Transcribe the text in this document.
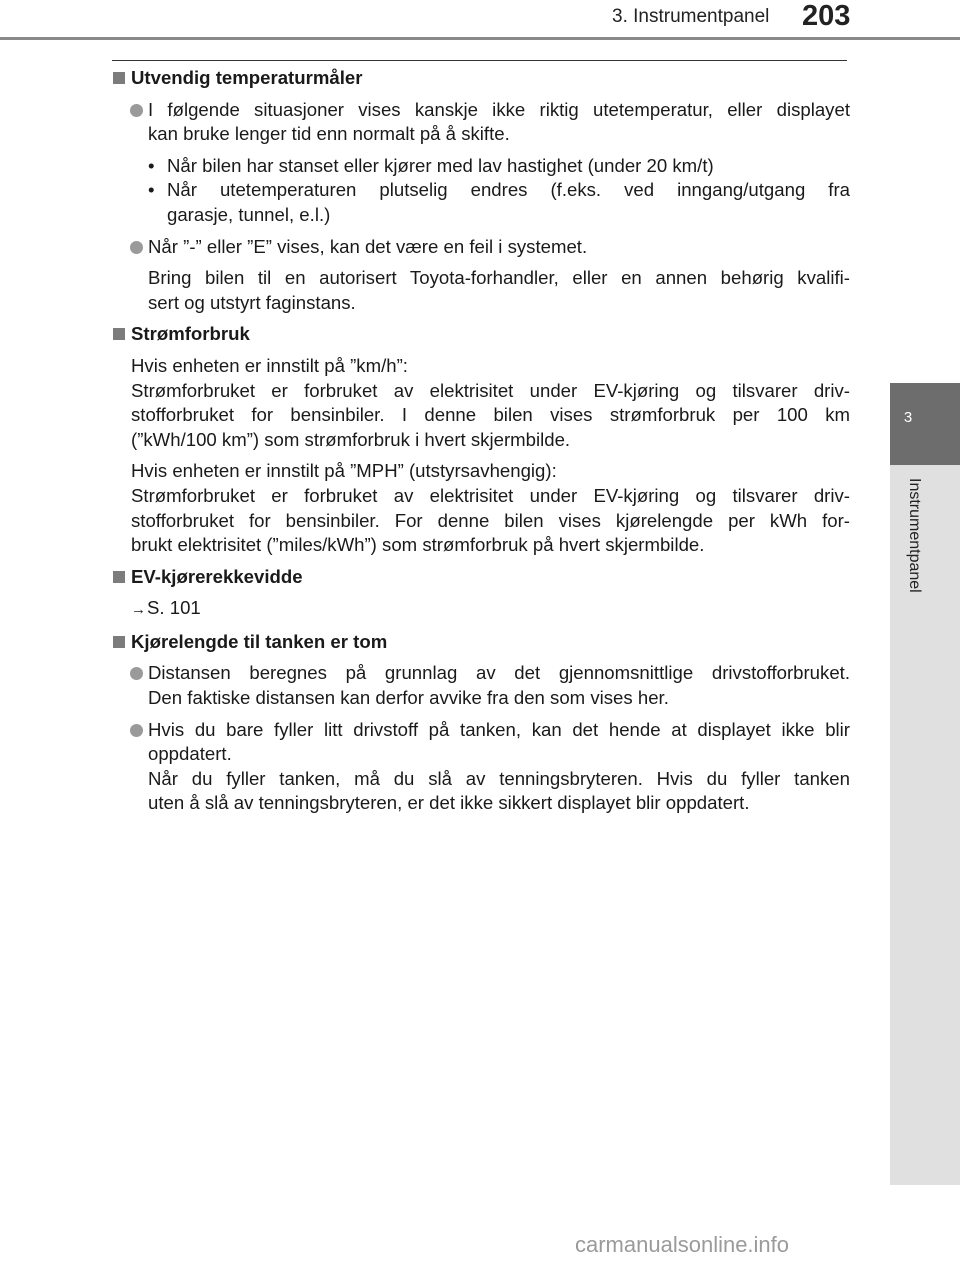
3. Instrumentpanel 203
3
Instrumentpanel
Utvendig temperaturmåler
I følgende situasjoner vises kanskje ikke riktig utetemperatur, eller displayet
kan bruke lenger tid enn normalt på å skifte.
• Når bilen har stanset eller kjører med lav hastighet (under 20 km/t)
• Når utetemperaturen plutselig endres (f.eks. ved inngang/utgang fra
garasje, tunnel, e.l.)
Når ”-” eller ”E” vises, kan det være en feil i systemet.
Bring bilen til en autorisert Toyota-forhandler, eller en annen behørig kvalifi-
sert og utstyrt faginstans.
Strømforbruk
Hvis enheten er innstilt på ”km/h”:
Strømforbruket er forbruket av elektrisitet under EV-kjøring og tilsvarer driv-
stofforbruket for bensinbiler. I denne bilen vises strømforbruk per 100 km
(”kWh/100 km”) som strømforbruk i hvert skjermbilde.
Hvis enheten er innstilt på ”MPH” (utstyrsavhengig):
Strømforbruket er forbruket av elektrisitet under EV-kjøring og tilsvarer driv-
stofforbruket for bensinbiler. For denne bilen vises kjørelengde per kWh for-
brukt elektrisitet (”miles/kWh”) som strømforbruk på hvert skjermbilde.
EV-kjørerekkevidde
→S. 101
Kjørelengde til tanken er tom
Distansen beregnes på grunnlag av det gjennomsnittlige drivstofforbruket.
Den faktiske distansen kan derfor avvike fra den som vises her.
Hvis du bare fyller litt drivstoff på tanken, kan det hende at displayet ikke blir
oppdatert.
Når du fyller tanken, må du slå av tenningsbryteren. Hvis du fyller tanken
uten å slå av tenningsbryteren, er det ikke sikkert displayet blir oppdatert.
carmanualsonline.info
